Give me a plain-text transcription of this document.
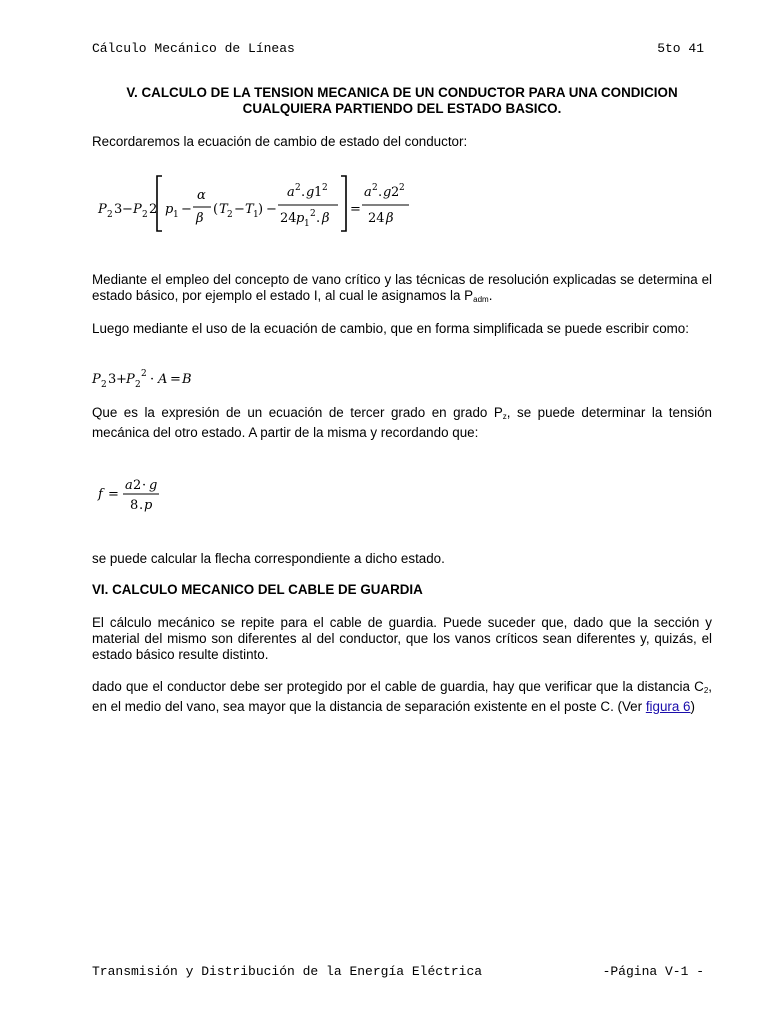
Cálculo Mecánico de Líneas	5to 41
V. CALCULO DE LA TENSION MECANICA DE UN CONDUCTOR PARA UNA CONDICION
CUALQUIERA PARTIENDO DEL ESTADO BASICO.

Recordaremos la ecuación de cambio de estado del conductor:

P 2 3 − P 2 2 p 1 −
α
β
( T 2 − T 1 ) −
a 2 . g 1 2
24 p 1
2 . β
=
a 2 . g 2 2
24 β

Mediante el empleo del concepto de vano crítico y las técnicas de resolución explicadas se determina el estado básico, por ejemplo el estado I, al cual le asignamos la $P_{adm}$.

Luego mediante el uso de la ecuación de cambio, que en forma simplificada se puede escribir como:

P 2 3 + P 2
2 · A = B

Que es la expresión de un ecuación de tercer grado en grado $P_z$, se puede determinar la tensión mecánica del otro estado. A partir de la misma y recordando que:

f =
a 2 · g
8 . p

se puede calcular la flecha correspondiente a dicho estado.

VI. CALCULO MECANICO DEL CABLE DE GUARDIA

El cálculo mecánico se repite para el cable de guardia. Puede suceder que, dado que la sección y material del mismo son diferentes al del conductor, que los vanos críticos sean diferentes y, quizás, el estado básico resulte distinto.

dado que el conductor debe ser protegido por el cable de guardia, hay que verificar que la distancia $C_2$, en el medio del vano, sea mayor que la distancia de separación existente en el poste C. (Ver figura 6)

Transmisión y Distribución de la Energía Eléctrica	-Página V-1 -
